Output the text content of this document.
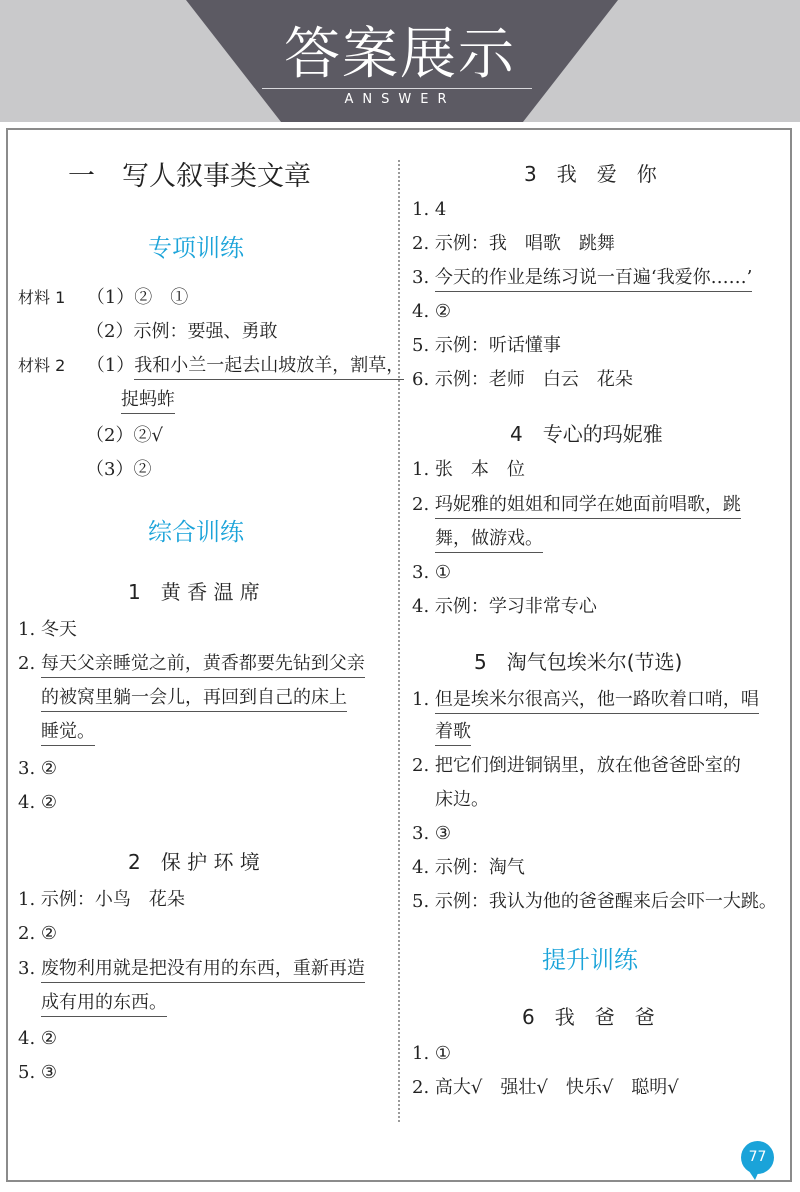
答案展示
ANSWER
一　写人叙事类文章
专项训练
材料 1 （1）②　①
（2）示例：要强、勇敢
材料 2 （1）我和小兰一起去山坡放羊，割草，
捉蚂蚱
（2）②√
（3）②
综合训练
1　黄 香 温 席
1. 冬天
2. 每天父亲睡觉之前，黄香都要先钻到父亲
的被窝里躺一会儿，再回到自己的床上
睡觉。
3. ②
4. ②
2　保 护 环 境
1. 示例：小鸟　花朵
2. ②
3. 废物利用就是把没有用的东西，重新再造
成有用的东西。
4. ②
5. ③
3　我　爱　你
1. 4
2. 示例：我　唱歌　跳舞
3. 今天的作业是练习说一百遍‘我爱你……’
4. ②
5. 示例：听话懂事
6. 示例：老师　白云　花朵
4　专心的玛妮雅
1. 张　本　位
2. 玛妮雅的姐姐和同学在她面前唱歌，跳
舞，做游戏。
3. ①
4. 示例：学习非常专心
5　淘气包埃米尔(节选)
1. 但是埃米尔很高兴，他一路吹着口哨，唱
着歌
2. 把它们倒进铜锅里，放在他爸爸卧室的
床边。
3. ③
4. 示例：淘气
5. 示例：我认为他的爸爸醒来后会吓一大跳。
提升训练
6　我　爸　爸
1. ①
2. 高大√　强壮√　快乐√　聪明√
77
